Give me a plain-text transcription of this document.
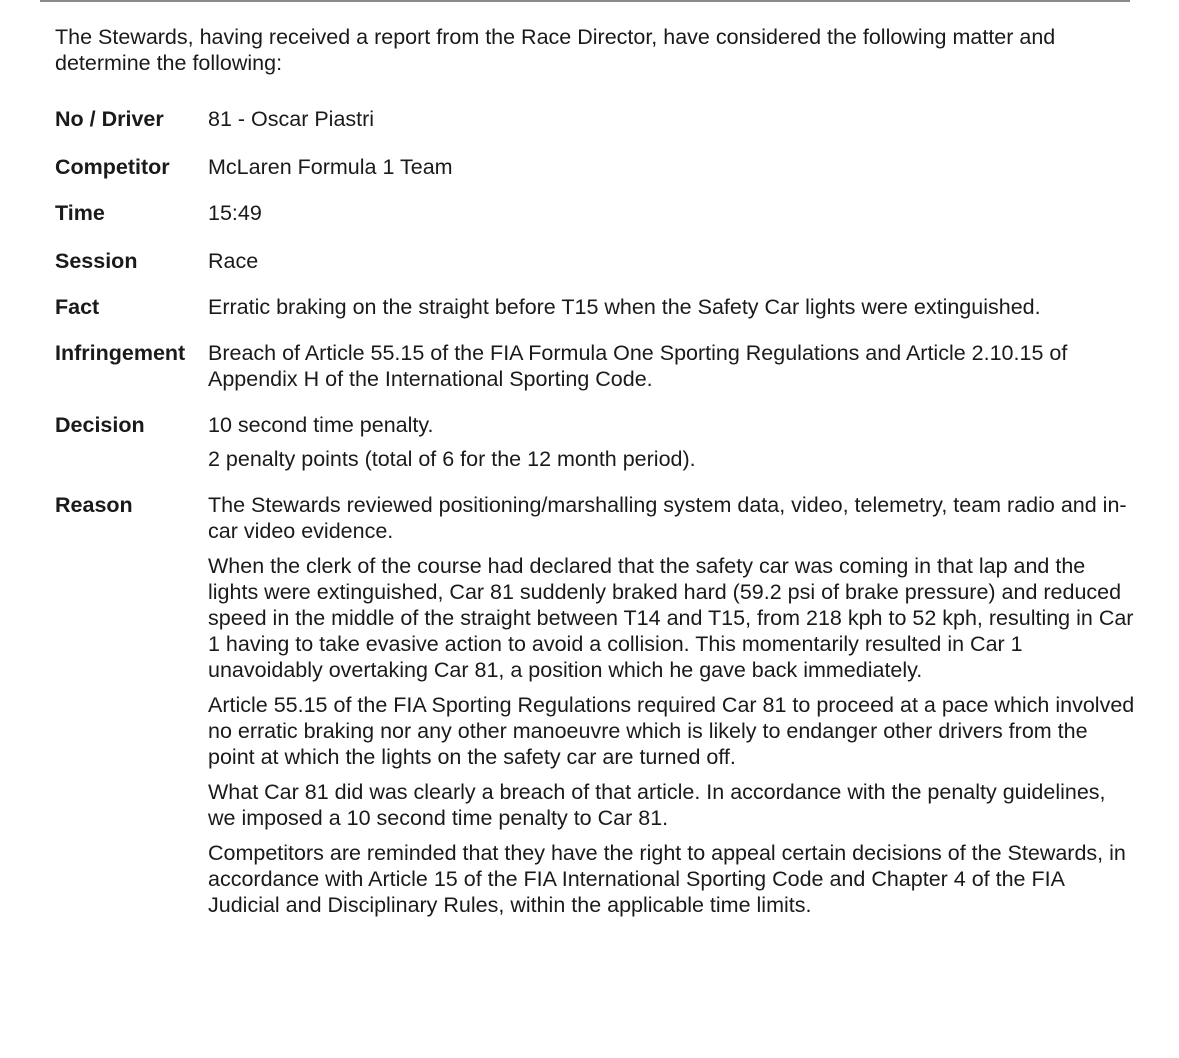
The Stewards, having received a report from the Race Director, have considered the following matter and determine the following:

No / Driver	81 - Oscar Piastri
Competitor	McLaren Formula 1 Team
Time	15:49
Session	Race
Fact	Erratic braking on the straight before T15 when the Safety Car lights were extinguished.
Infringement	Breach of Article 55.15 of the FIA Formula One Sporting Regulations and Article 2.10.15 of Appendix H of the International Sporting Code.
Decision	10 second time penalty.

2 penalty points (total of 6 for the 12 month period).

Reason	The Stewards reviewed positioning/marshalling system data, video, telemetry, team radio and in-car video evidence.

When the clerk of the course had declared that the safety car was coming in that lap and the lights were extinguished, Car 81 suddenly braked hard (59.2 psi of brake pressure) and reduced speed in the middle of the straight between T14 and T15, from 218 kph to 52 kph, resulting in Car 1 having to take evasive action to avoid a collision. This momentarily resulted in Car 1 unavoidably overtaking Car 81, a position which he gave back immediately.

Article 55.15 of the FIA Sporting Regulations required Car 81 to proceed at a pace which involved no erratic braking nor any other manoeuvre which is likely to endanger other drivers from the point at which the lights on the safety car are turned off.

What Car 81 did was clearly a breach of that article. In accordance with the penalty guidelines, we imposed a 10 second time penalty to Car 81.

Competitors are reminded that they have the right to appeal certain decisions of the Stewards, in accordance with Article 15 of the FIA International Sporting Code and Chapter 4 of the FIA Judicial and Disciplinary Rules, within the applicable time limits.
